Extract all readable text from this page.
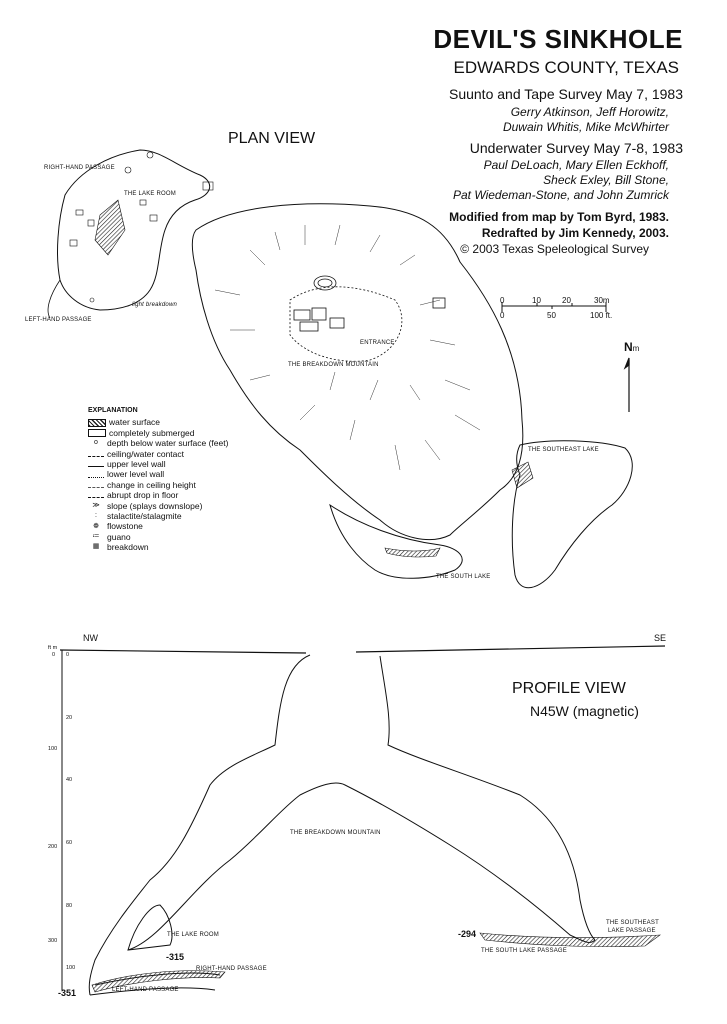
DEVIL'S SINKHOLE
EDWARDS COUNTY, TEXAS
Suunto and Tape Survey May 7, 1983
Gerry Atkinson, Jeff Horowitz,
Duwain Whitis, Mike McWhirter
Underwater Survey May 7-8, 1983
Paul DeLoach, Mary Ellen Eckhoff,
Sheck Exley, Bill Stone,
Pat Wiedeman-Stone, and John Zumrick
Modified from map by Tom Byrd, 1983.
Redrafted by Jim Kennedy, 2003.
© 2003 Texas Speleological Survey
PLAN VIEW
RIGHT-HAND PASSAGE
THE LAKE ROOM
LEFT-HAND PASSAGE
light breakdown
ENTRANCE
THE BREAKDOWN MOUNTAIN
THE SOUTHEAST LAKE
THE SOUTH LAKE
0	10	20	30m
0	50	100 ft.
Nm
EXPLANATION
water surface
completely submerged
o	depth below water surface (feet)
ceiling/water contact
upper level wall
lower level wall
change in ceiling height
abrupt drop in floor
≫ slope (splays downslope)
:	stalactite/stalagmite
❁ flowstone
≔ guano
▦ breakdown
PROFILE VIEW
N45W (magnetic)
NW	SE
ft m
0
100
200
300
0
20
40
60
80
100
THE BREAKDOWN MOUNTAIN
THE LAKE ROOM
RIGHT-HAND PASSAGE
LEFT-HAND PASSAGE
THE SOUTH LAKE PASSAGE
THE SOUTHEAST
LAKE PASSAGE
-351
-315
-294
